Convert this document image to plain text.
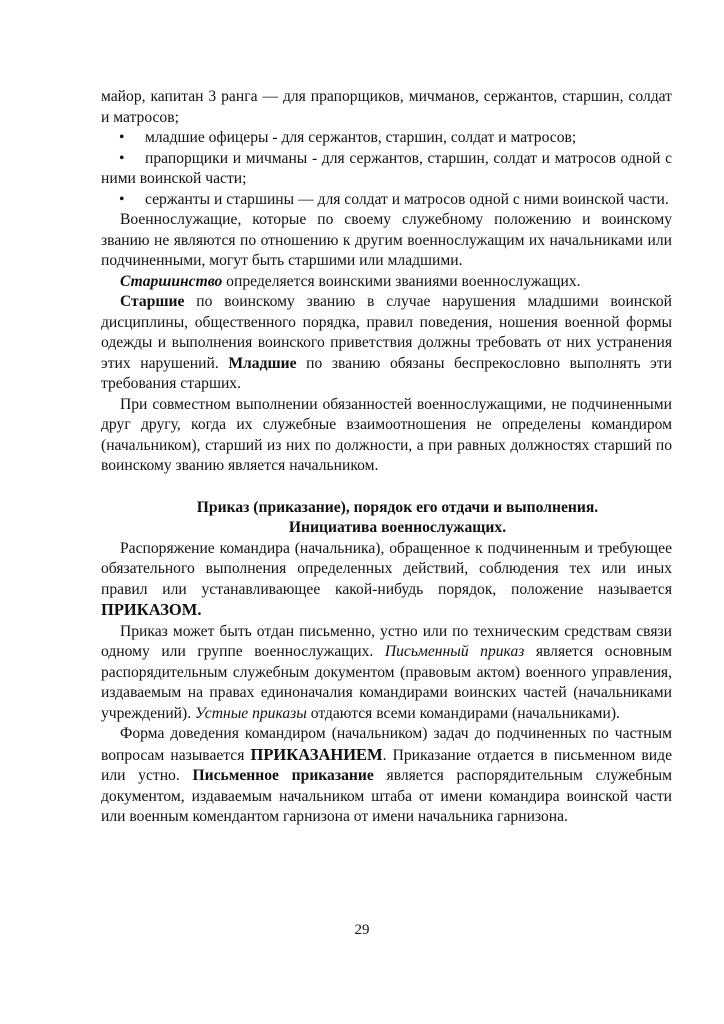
майор, капитан 3 ранга — для прапорщиков, мичманов, сержантов, старшин, солдат и матросов;

• младшие офицеры - для сержантов, старшин, солдат и матросов;

• прапорщики и мичманы - для сержантов, старшин, солдат и матросов одной с ними воинской части;

• сержанты и старшины — для солдат и матросов одной с ними воинской части.

Военнослужащие, которые по своему служебному положению и воинскому званию не являются по отношению к другим военнослужащим их начальниками или подчиненными, могут быть старшими или младшими.

Старшинство определяется воинскими званиями военнослужащих.

Старшие по воинскому званию в случае нарушения младшими воинской дисциплины, общественного порядка, правил поведения, ношения военной формы одежды и выполнения воинского приветствия должны требовать от них устранения этих нарушений. Младшие по званию обязаны беспрекословно выполнять эти требования старших.

При совместном выполнении обязанностей военнослужащими, не подчиненными друг другу, когда их служебные взаимоотношения не определены командиром (начальником), старший из них по должности, а при равных должностях старший по воинскому званию является начальником.

Приказ (приказание), порядок его отдачи и выполнения.
Инициатива военнослужащих.

Распоряжение командира (начальника), обращенное к подчиненным и требующее обязательного выполнения определенных действий, соблюдения тех или иных правил или устанавливающее какой-нибудь порядок, положение называется ПРИКАЗОМ.

Приказ может быть отдан письменно, устно или по техническим средствам связи одному или группе военнослужащих. Письменный приказ является основным распорядительным служебным документом (правовым актом) военного управления, издаваемым на правах единоначалия командирами воинских частей (начальниками учреждений). Устные приказы отдаются всеми командирами (начальниками).

Форма доведения командиром (начальником) задач до подчиненных по частным вопросам называется ПРИКАЗАНИЕМ. Приказание отдается в письменном виде или устно. Письменное приказание является распорядительным служебным документом, издаваемым начальником штаба от имени командира воинской части или военным комендантом гарнизона от имени начальника гарнизона.

29
